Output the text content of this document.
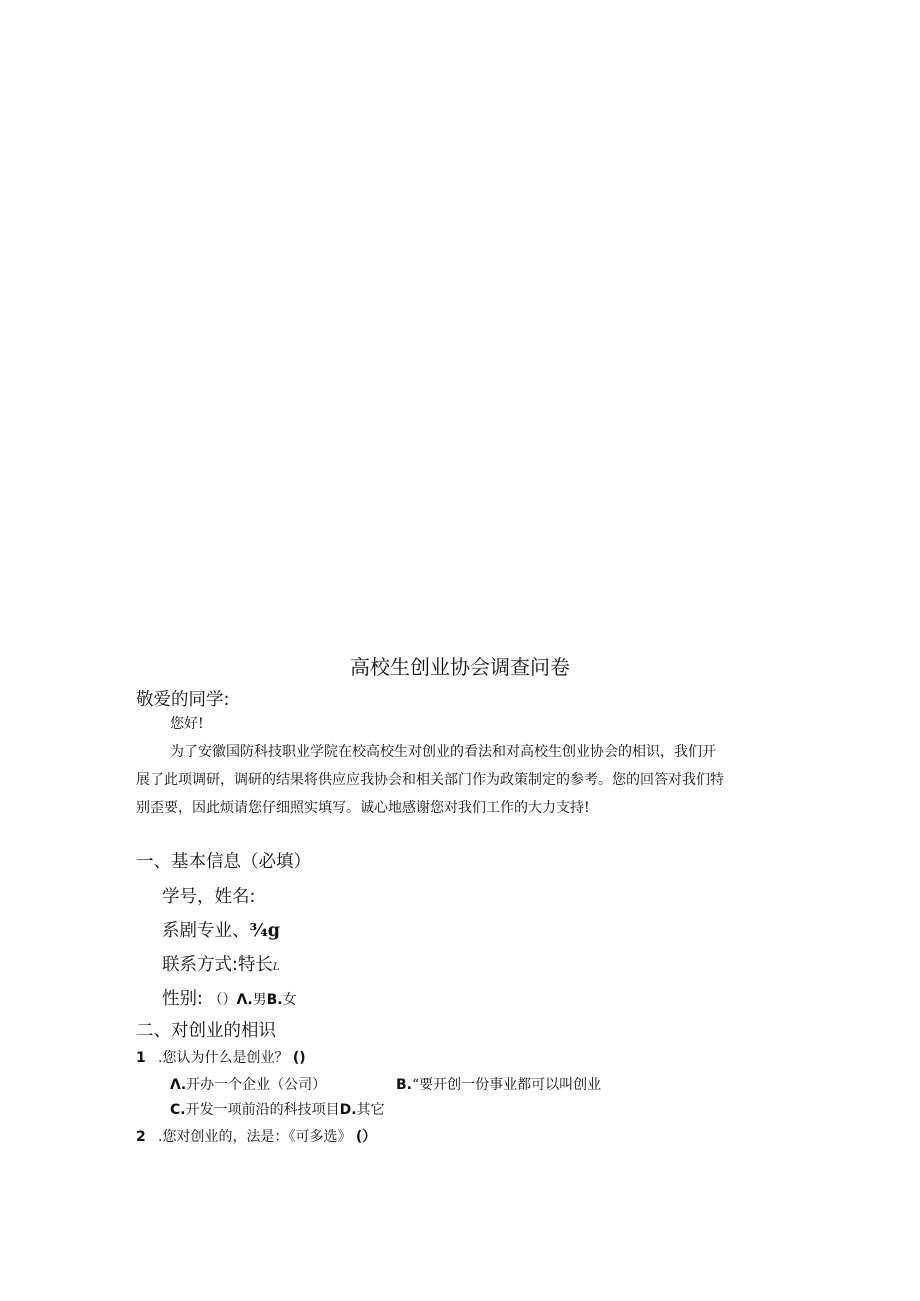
高校生创业协会调查问卷
敬爱的同学:
您好!
为了安徽国防科技职业学院在校高校生对创业的看法和对高校生创业协会的相识，我们开
展了此项调研，调研的结果将供应应我协会和相关部门作为政策制定的参考。您的回答对我们特
别歪要，因此烦请您仔细照实填写。诚心地感谢您对我们工作的大力支持!
一、基本信息（必填）
学号，姓名:
系剧专业、¾g
联系方式:特长L
性别: （）Λ.男B.女
二、对创业的相识
1 .您认为什么是创业？ ()
Λ.开办一个企业（公司）	B.“要开创一份事业都可以叫创业
C.开发一项前沿的科技项目D.其它
2 .您对创业的，法是：《可多选》 (）
